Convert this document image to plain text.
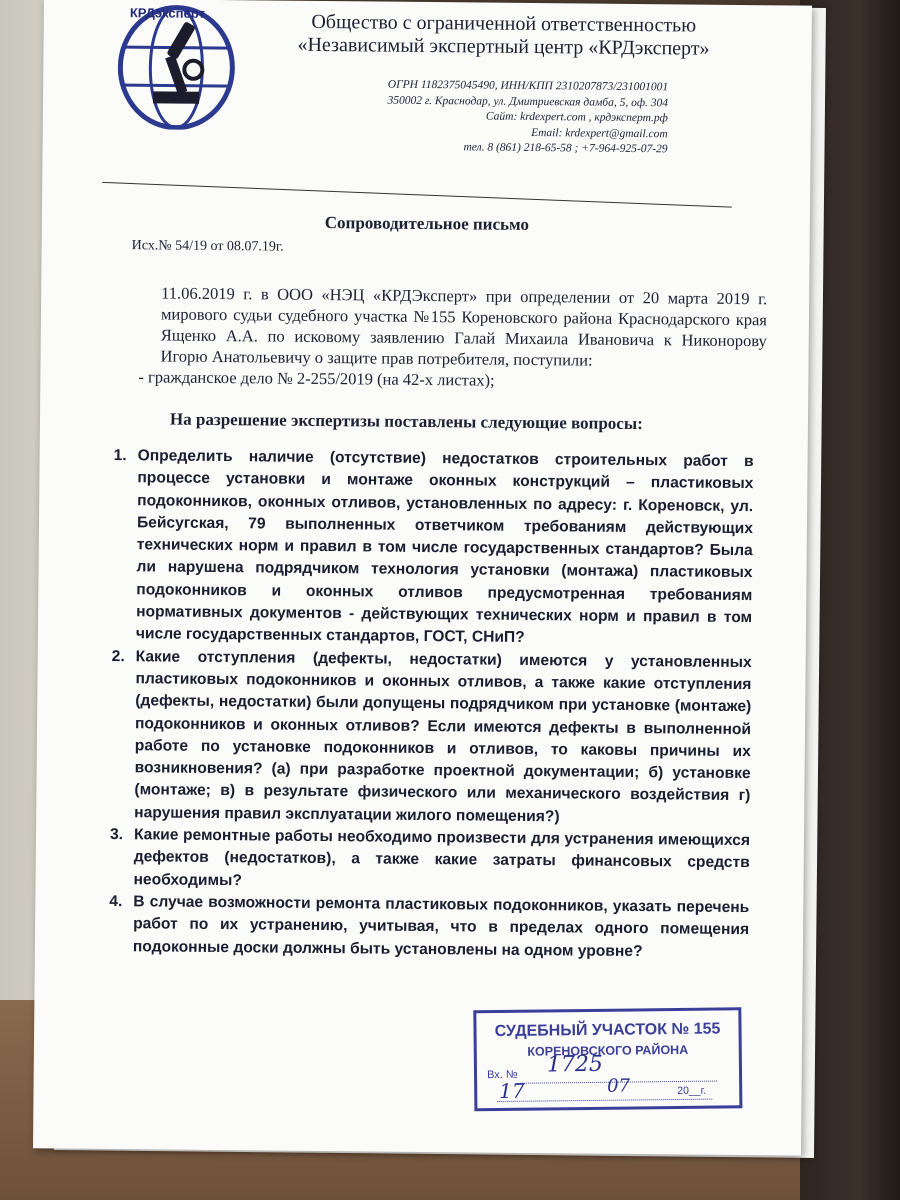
КРДэксперт	Общество с ограниченной ответственностью
«Независимый экспертный центр «КРДэксперт»
ОГРН 1182375045490, ИНН/КПП 2310207873/231001001
350002 г. Краснодар, ул. Дмитриевская дамба, 5, оф. 304
Сайт: krdexpert.com , крдэксперт.рф
Email: krdexpert@gmail.com
тел. 8 (861) 218-65-58 ; +7-964-925-07-29
Сопроводительное письмо
Исх.№ 54/19 от 08.07.19г.
11.06.2019 г. в ООО «НЭЦ «КРДЭксперт» при определении от 20 марта 2019 г. мирового судьи судебного участка №155 Кореновского района Краснодарского края Ященко А.А. по исковому заявлению Галай Михаила Ивановича к Никонорову Игорю Анатольевичу о защите прав потребителя, поступили:
- гражданское дело № 2-255/2019 (на 42-х листах);
На разрешение экспертизы поставлены следующие вопросы:
1. Определить наличие (отсутствие) недостатков строительных работ в процессе установки и монтаже оконных конструкций – пластиковых подоконников, оконных отливов, установленных по адресу: г. Кореновск, ул. Бейсугская, 79 выполненных ответчиком требованиям действующих технических норм и правил в том числе государственных стандартов? Была ли нарушена подрядчиком технология установки (монтажа) пластиковых подоконников и оконных отливов предусмотренная требованиям нормативных документов - действующих технических норм и правил в том числе государственных стандартов, ГОСТ, СНиП?
2. Какие отступления (дефекты, недостатки) имеются у установленных пластиковых подоконников и оконных отливов, а также какие отступления (дефекты, недостатки) были допущены подрядчиком при установке (монтаже) подоконников и оконных отливов? Если имеются дефекты в выполненной работе по установке подоконников и отливов, то каковы причины их возникновения? (а) при разработке проектной документации; б) установке (монтаже; в) в результате физического или механического воздействия г) нарушения правил эксплуатации жилого помещения?)
3. Какие ремонтные работы необходимо произвести для устранения имеющихся дефектов (недостатков), а также какие затраты финансовых средств необходимы?
4. В случае возможности ремонта пластиковых подоконников, указать перечень работ по их устранению, учитывая, что в пределах одного помещения подоконные доски должны быть установлены на одном уровне?
СУДЕБНЫЙ УЧАСТОК № 155
КОРЕНОВСКОГО РАЙОНА
Вх. № 1725
17	07	20__г.
